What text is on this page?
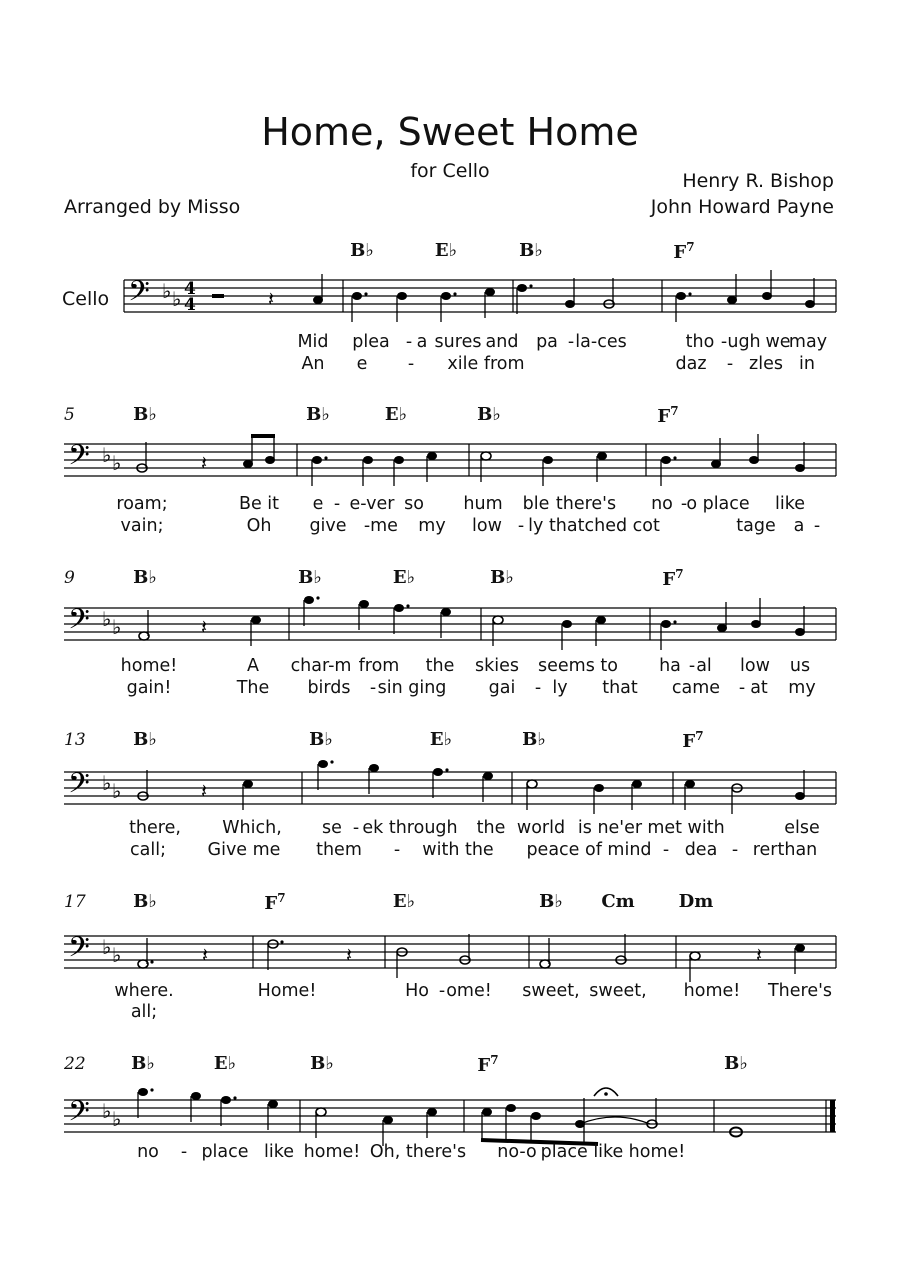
Home, Sweet Home
for Cello	Henry R. Bishop
John Howard Payne
Arranged by Misso
Cello 𝄢 ♭ ♭ 4
4	𝄽
𝄢 ♭ ♭	𝄽
𝄢 ♭ ♭	𝄽
𝄢 ♭ ♭	𝄽
𝄢 ♭ ♭	𝄽	𝄽	𝄽
𝄢 ♭ ♭
B♭	E♭	B♭	$F^7$
Mid plea - a sures and pa - la-ces	tho - ugh we
may
An e - xile from	daz - zles in
5	B♭	B♭	E♭	B♭	$F^7$
roam;	Be it e - e-ver so hum ble there's no - o place like
vain;	Oh give - me my low - ly thatched cot	tage a -
9	B♭	B♭	E♭	B♭	$F^7$
home!	A char-m from the skies seems to ha - al low us
gain!	The birds - sin ging gai - ly that came - at my
13	B♭	B♭	E♭	B♭	$F^7$
there, Which, se - ek through the world is ne'er met with	else
call; Give me them - with the peace of mind - dea - rerthan
17	B♭	$F^7$	E♭	B♭ Cm Dm
where.	Home!	Ho - ome! sweet, sweet, home! There's
all;
22	B♭	E♭	B♭	$F^7$	B♭
no - place like home! Oh, there's no-o place like home!
